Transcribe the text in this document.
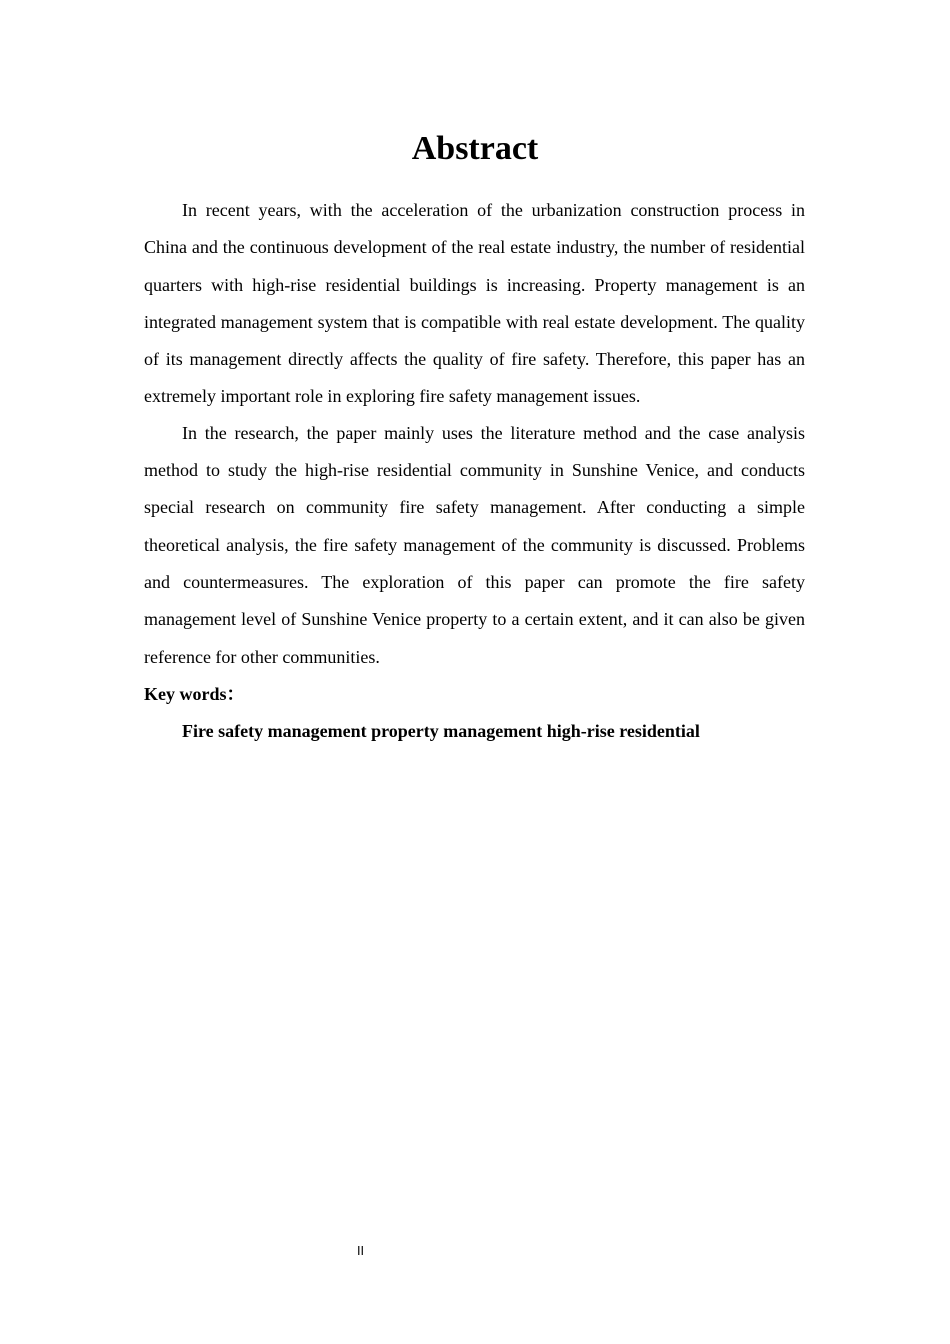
Abstract

In recent years, with the acceleration of the urbanization construction process in China and the continuous development of the real estate industry, the number of residential quarters with high-rise residential buildings is increasing. Property management is an integrated management system that is compatible with real estate development. The quality of its management directly affects the quality of fire safety. Therefore, this paper has an extremely important role in exploring fire safety management issues.

In the research, the paper mainly uses the literature method and the case analysis method to study the high-rise residential community in Sunshine Venice, and conducts special research on community fire safety management. After conducting a simple theoretical analysis, the fire safety management of the community is discussed. Problems and countermeasures. The exploration of this paper can promote the fire safety management level of Sunshine Venice property to a certain extent, and it can also be given reference for other communities.

Key words：

Fire safety management property management high-rise residential

II
